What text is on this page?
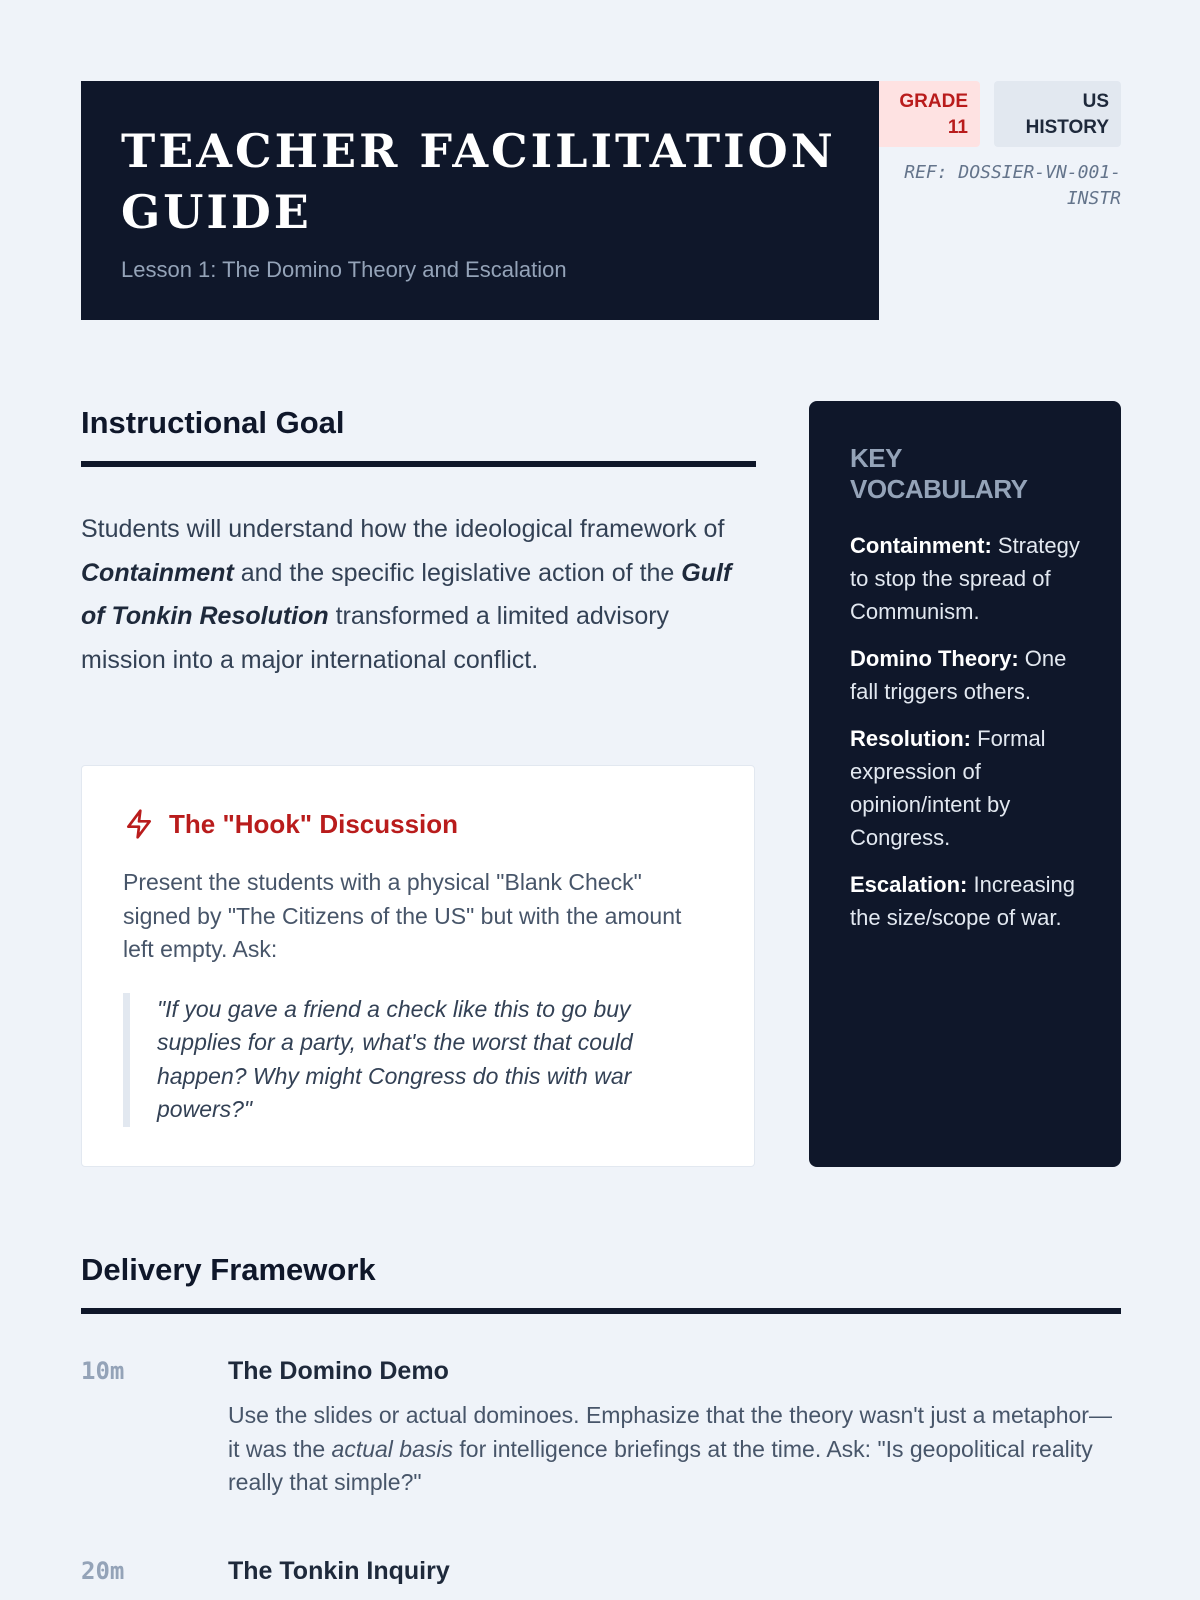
TEACHER FACILITATION GUIDE
Lesson 1: The Domino Theory and Escalation
GRADE 11
US HISTORY
REF: DOSSIER-VN-001-INSTR
Instructional Goal
Students will understand how the ideological framework of Containment and the specific legislative action of the Gulf of Tonkin Resolution transformed a limited advisory mission into a major international conflict.
The "Hook" Discussion
Present the students with a physical "Blank Check" signed by "The Citizens of the US" but with the amount left empty. Ask:
"If you gave a friend a check like this to go buy supplies for a party, what's the worst that could happen? Why might Congress do this with war powers?"
KEY VOCABULARY
Containment: Strategy to stop the spread of Communism.
Domino Theory: One fall triggers others.
Resolution: Formal expression of opinion/intent by Congress.
Escalation: Increasing the size/scope of war.
Delivery Framework
10m	The Domino Demo
Use the slides or actual dominoes. Emphasize that the theory wasn't just a metaphor—it was the actual basis for intelligence briefings at the time. Ask: "Is geopolitical reality really that simple?"
20m	The Tonkin Inquiry
